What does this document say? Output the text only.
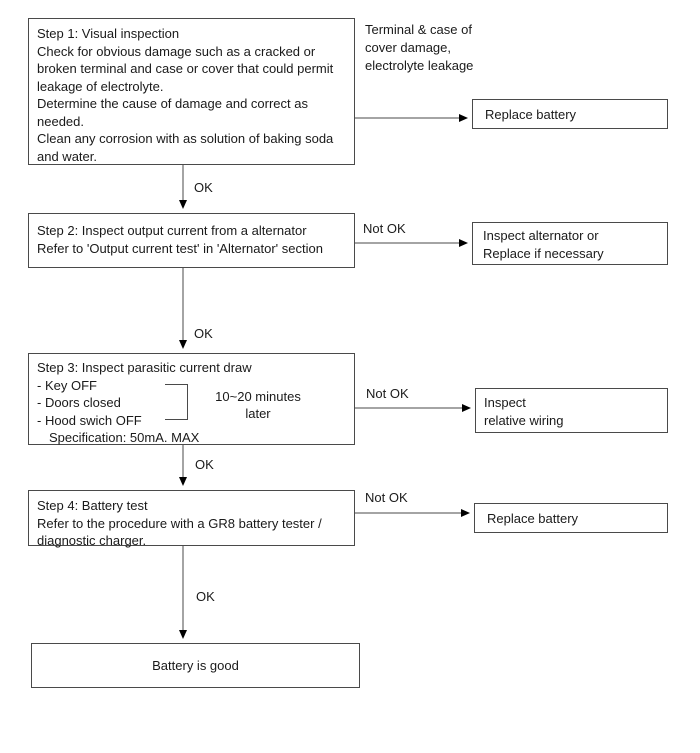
Step 1: Visual inspection
Check for obvious damage such as a cracked or
broken terminal and case or cover that could permit
leakage of electrolyte.
Determine the cause of damage and correct as
needed.
Clean any corrosion with as solution of baking soda
and water.
Terminal & case of
cover damage,
electrolyte leakage
Replace battery
OK
OK
OK
OK
Not OK
Not OK
Not OK
Step 2: Inspect output current from a alternator
Refer to 'Output current test' in 'Alternator' section
Inspect alternator or
Replace if necessary
Step 3: Inspect parasitic current draw
- Key OFF
- Doors closed
- Hood swich OFF
Specification: 50mA. MAX
10~20 minutes
later
Inspect
relative wiring
Step 4: Battery test
Refer to the procedure with a GR8 battery tester /
diagnostic charger.
Replace battery
Battery is good
